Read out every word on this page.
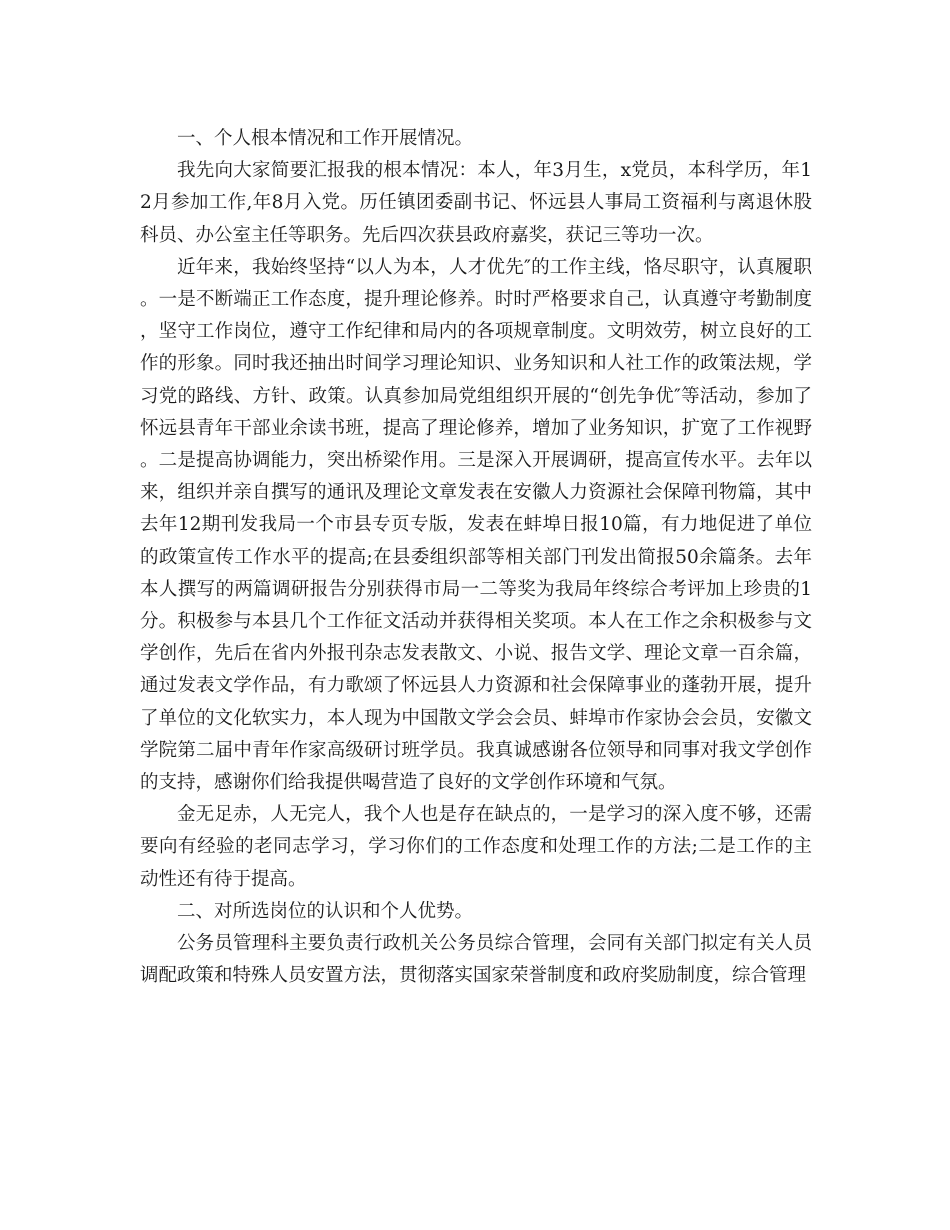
一、个人根本情况和工作开展情况。

我先向大家简要汇报我的根本情况：本人，年3月生，x党员，本科学历，年12月参加工作,年8月入党。历任镇团委副书记、怀远县人事局工资福利与离退休股科员、办公室主任等职务。先后四次获县政府嘉奖，获记三等功一次。

近年来，我始终坚持“以人为本，人才优先″的工作主线，恪尽职守，认真履职。一是不断端正工作态度，提升理论修养。时时严格要求自己，认真遵守考勤制度，坚守工作岗位，遵守工作纪律和局内的各项规章制度。文明效劳，树立良好的工作的形象。同时我还抽出时间学习理论知识、业务知识和人社工作的政策法规，学习党的路线、方针、政策。认真参加局党组组织开展的“创先争优″等活动，参加了怀远县青年干部业余读书班，提高了理论修养，增加了业务知识，扩宽了工作视野。二是提高协调能力，突出桥梁作用。三是深入开展调研，提高宣传水平。去年以来，组织并亲自撰写的通讯及理论文章发表在安徽人力资源社会保障刊物篇，其中去年12期刊发我局一个市县专页专版，发表在蚌埠日报10篇，有力地促进了单位的政策宣传工作水平的提高;在县委组织部等相关部门刊发出简报50余篇条。去年本人撰写的两篇调研报告分别获得市局一二等奖为我局年终综合考评加上珍贵的1分。积极参与本县几个工作征文活动并获得相关奖项。本人在工作之余积极参与文学创作，先后在省内外报刊杂志发表散文、小说、报告文学、理论文章一百余篇，通过发表文学作品，有力歌颂了怀远县人力资源和社会保障事业的蓬勃开展，提升了单位的文化软实力，本人现为中国散文学会会员、蚌埠市作家协会会员，安徽文学院第二届中青年作家高级研讨班学员。我真诚感谢各位领导和同事对我文学创作的支持，感谢你们给我提供喝营造了良好的文学创作环境和气氛。

金无足赤，人无完人，我个人也是存在缺点的，一是学习的深入度不够，还需要向有经验的老同志学习，学习你们的工作态度和处理工作的方法;二是工作的主动性还有待于提高。

二、对所选岗位的认识和个人优势。

公务员管理科主要负责行政机关公务员综合管理，会同有关部门拟定有关人员调配政策和特殊人员安置方法，贯彻落实国家荣誉制度和政府奖励制度，综合管理
